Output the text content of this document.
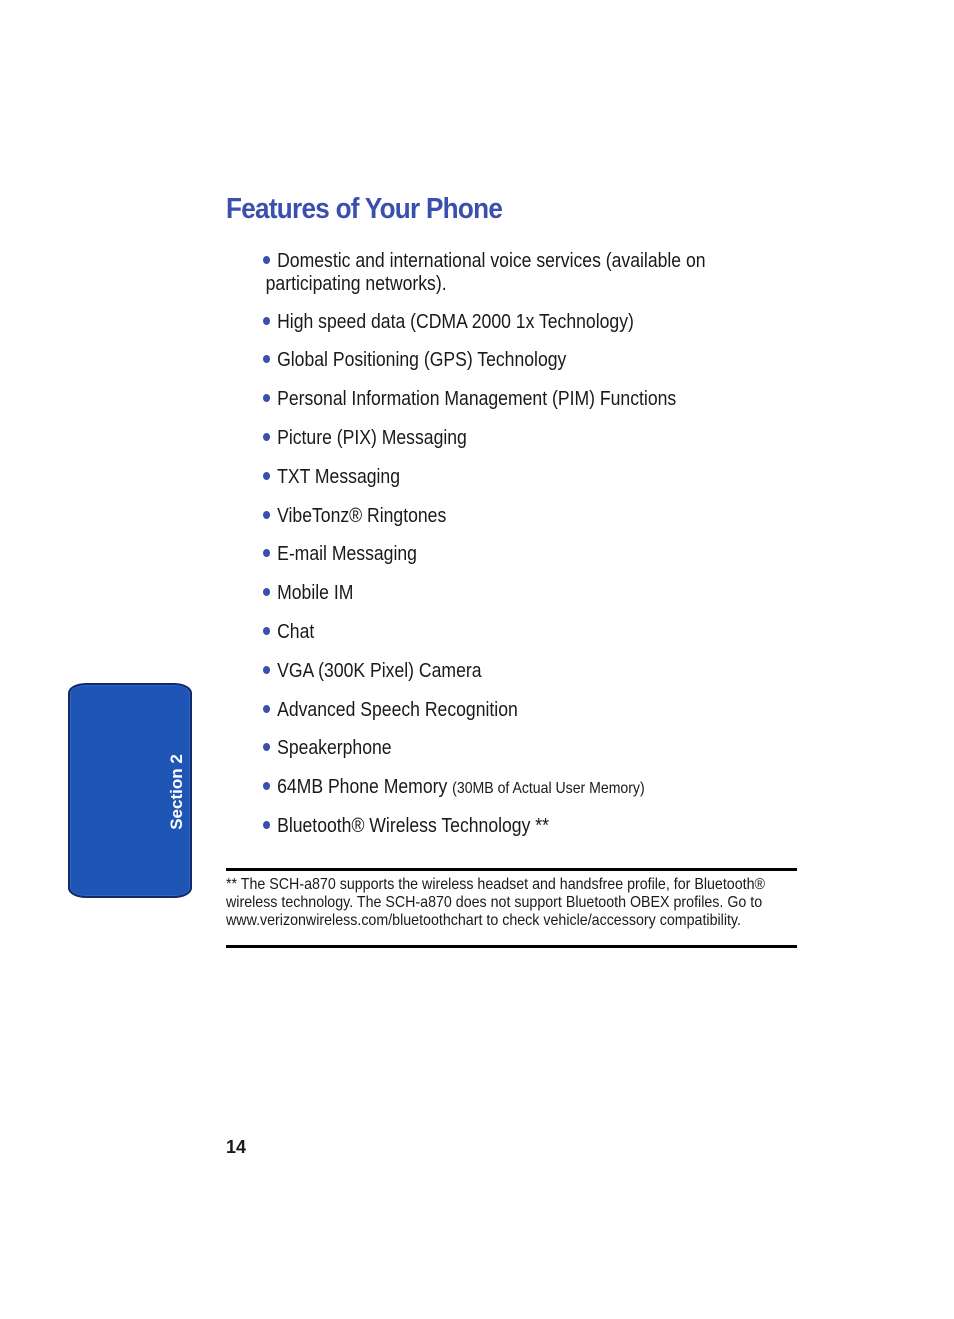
Features of Your Phone
Domestic and international voice services (available on
participating networks).
High speed data (CDMA 2000 1x Technology)
Global Positioning (GPS) Technology
Personal Information Management (PIM) Functions
Picture (PIX) Messaging
TXT Messaging
VibeTonz® Ringtones
E-mail Messaging
Mobile IM
Chat
VGA (300K Pixel) Camera
Advanced Speech Recognition
Speakerphone
64MB Phone Memory (30MB of Actual User Memory)
Bluetooth® Wireless Technology **
** The SCH-a870 supports the wireless headset and handsfree profile, for Bluetooth®
wireless technology. The SCH-a870 does not support Bluetooth OBEX profiles. Go to
www.verizonwireless.com/bluetoothchart to check vehicle/accessory compatibility.
14
Section 2
